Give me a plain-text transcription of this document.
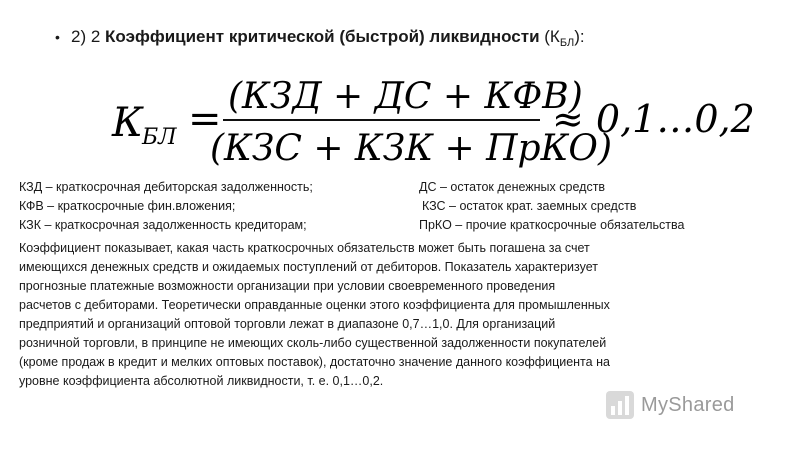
• 2) 2 Коэффициент критической (быстрой) ликвидности $(К_{БЛ})$:
К БЛ = (КЗД + ДС + КФВ)
(КЗС + КЗК + ПрКО)
≈ 0,1…0,2
КЗД – краткосрочная дебиторская задолженность;	ДС – остаток денежных средств
КФВ – краткосрочные фин.вложения;	КЗС – остаток крат. заемных средств
КЗК – краткосрочная задолженность кредиторам;	ПрКО – прочие краткосрочные обязательства
Коэффициент показывает, какая часть краткосрочных обязательств может быть погашена за счет
имеющихся денежных средств и ожидаемых поступлений от дебиторов. Показатель характеризует
прогнозные платежные возможности организации при условии своевременного проведения
расчетов с дебиторами. Теоретически оправданные оценки этого коэффициента для промышленных
предприятий и организаций оптовой торговли лежат в диапазоне 0,7…1,0. Для организаций
розничной торговли, в принципе не имеющих сколь-либо существенной задолженности покупателей
(кроме продаж в кредит и мелких оптовых поставок), достаточно значение данного коэффициента на
уровне коэффициента абсолютной ликвидности, т. е. 0,1…0,2.
MyShared
